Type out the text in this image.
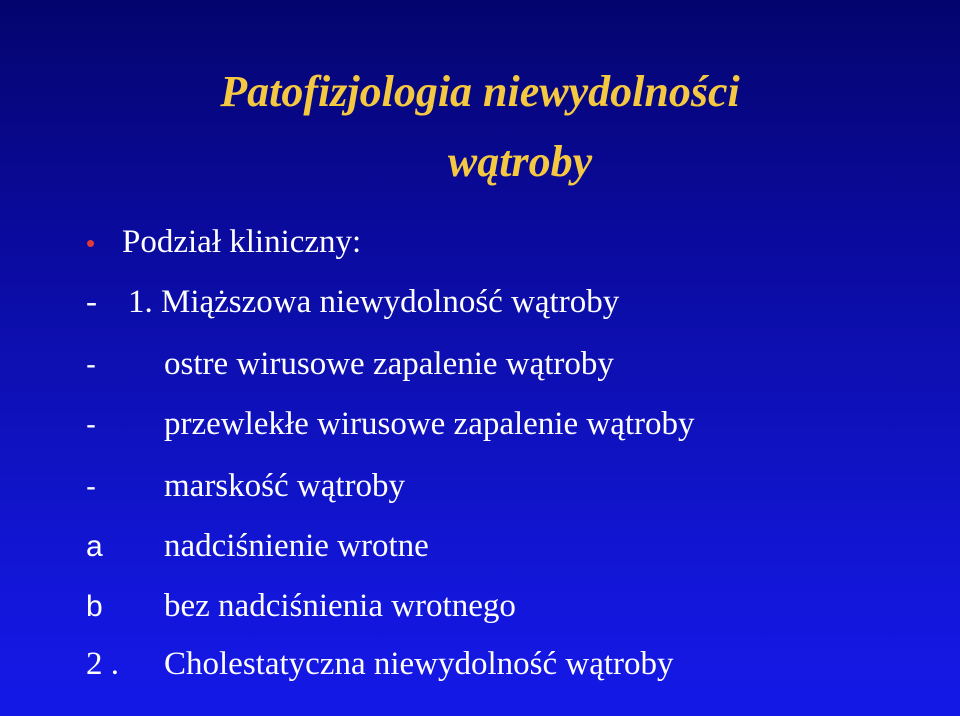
Patofizjologia niewydolności
wątroby
• Podział kliniczny:
- 1. Miąższowa niewydolność wątroby
- ostre wirusowe zapalenie wątroby
- przewlekłe wirusowe zapalenie wątroby
- marskość wątroby
a nadciśnienie wrotne
b bez nadciśnienia wrotnego
2 . Cholestatyczna niewydolność wątroby
